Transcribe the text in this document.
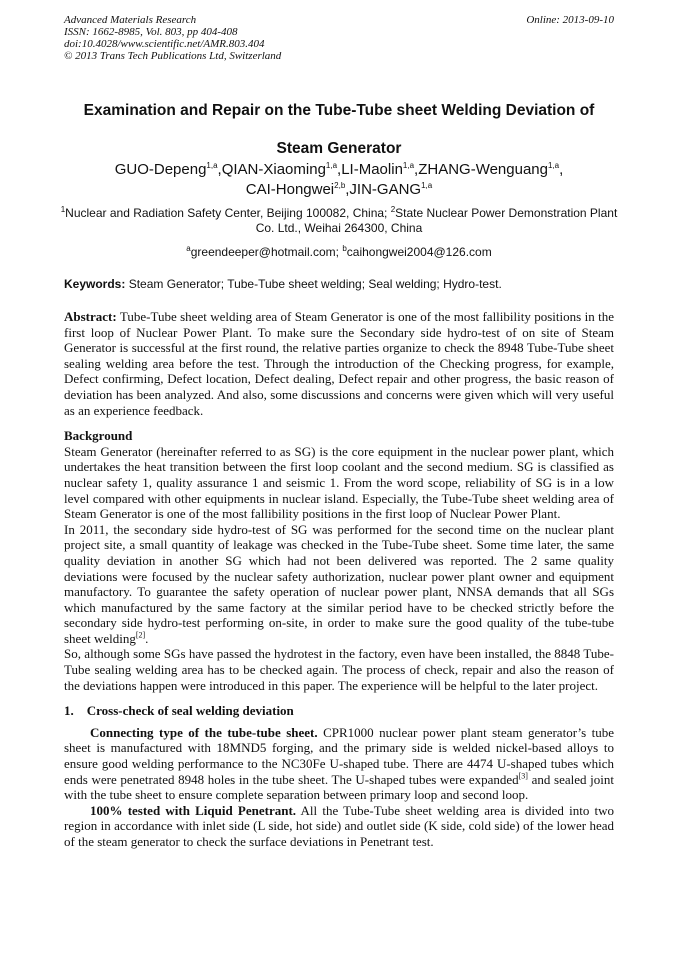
Advanced Materials Research
ISSN: 1662-8985, Vol. 803, pp 404-408
doi:10.4028/www.scientific.net/AMR.803.404
© 2013 Trans Tech Publications Ltd, Switzerland
Online: 2013-09-10
Examination and Repair on the Tube-Tube sheet Welding Deviation of
Steam Generator
GUO-Depeng$^{1,a}$,QIAN-Xiaoming$^{1,a}$,LI-Maolin$^{1,a}$,ZHANG-Wenguang$^{1,a}$,
CAI-Hongwei$^{2,b}$,JIN-GANG$^{1,a}$
$^1$Nuclear and Radiation Safety Center, Beijing 100082, China; $^2$State Nuclear Power Demonstration Plant Co. Ltd., Weihai 264300, China
$^a$greendeeper@hotmail.com; $^b$caihongwei2004@126.com
Keywords: Steam Generator; Tube-Tube sheet welding; Seal welding; Hydro-test.

Abstract: Tube-Tube sheet welding area of Steam Generator is one of the most fallibility positions in the first loop of Nuclear Power Plant. To make sure the Secondary side hydro-test of on site of Steam Generator is successful at the first round, the relative parties organize to check the 8948 Tube-Tube sheet sealing welding area before the test. Through the introduction of the Checking progress, for example, Defect confirming, Defect location, Defect dealing, Defect repair and other progress, the basic reason of deviation has been analyzed. And also, some discussions and concerns were given which will very useful as an experience feedback.

Background

Steam Generator (hereinafter referred to as SG) is the core equipment in the nuclear power plant, which undertakes the heat transition between the first loop coolant and the second medium. SG is classified as nuclear safety 1, quality assurance 1 and seismic 1. From the word scope, reliability of SG is in a low level compared with other equipments in nuclear island. Especially, the Tube-Tube sheet welding area of Steam Generator is one of the most fallibility positions in the first loop of Nuclear Power Plant.

In 2011, the secondary side hydro-test of SG was performed for the second time on the nuclear plant project site, a small quantity of leakage was checked in the Tube-Tube sheet. Some time later, the same quality deviation in another SG which had not been delivered was reported. The 2 same quality deviations were focused by the nuclear safety authorization, nuclear power plant owner and equipment manufactory. To guarantee the safety operation of nuclear power plant, NNSA demands that all SGs which manufactured by the same factory at the similar period have to be checked strictly before the secondary side hydro-test performing on-site, in order to make sure the good quality of the tube-tube sheet welding[2].

So, although some SGs have passed the hydrotest in the factory, even have been installed, the 8848 Tube-Tube sealing welding area has to be checked again. The process of check, repair and also the reason of the deviations happen were introduced in this paper. The experience will be helpful to the later project.

1. Cross-check of seal welding deviation

Connecting type of the tube-tube sheet. CPR1000 nuclear power plant steam generator’s tube sheet is manufactured with 18MND5 forging, and the primary side is welded nickel-based alloys to ensure good welding performance to the NC30Fe U-shaped tube. There are 4474 U-shaped tubes which ends were penetrated 8948 holes in the tube sheet. The U-shaped tubes were expanded[3] and sealed joint with the tube sheet to ensure complete separation between primary loop and second loop.

100% tested with Liquid Penetrant. All the Tube-Tube sheet welding area is divided into two region in accordance with inlet side (L side, hot side) and outlet side (K side, cold side) of the lower head of the steam generator to check the surface deviations in Penetrant test.
